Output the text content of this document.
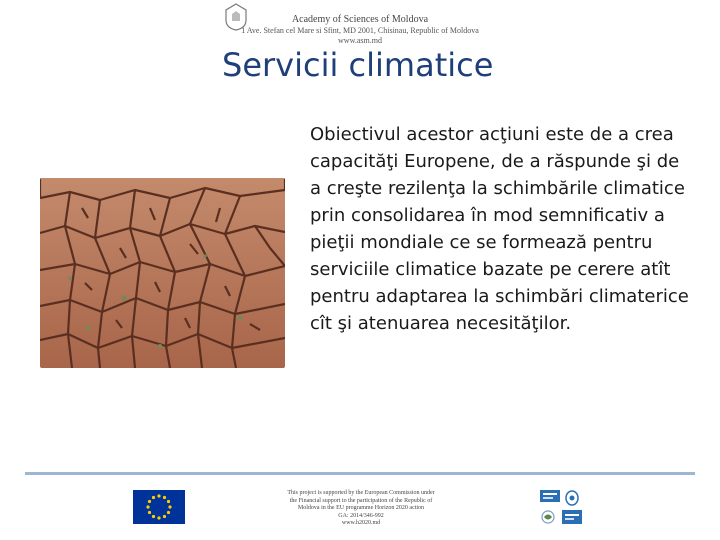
Academy of Sciences of Moldova
1 Ave. Stefan cel Mare si Sfint, MD 2001, Chisinau, Republic of Moldova
www.asm.md
Servicii climatice
Obiectivul acestor acţiuni este de a crea capacităţi Europene, de a răspunde şi de a creşte rezilenţa la schimbările climatice prin consolidarea în mod semnificativ a pieţii mondiale ce se formează pentru serviciile climatice bazate pe cerere atît pentru adaptarea la schimbări climaterice cît şi atenuarea necesităţilor.
This project is supported by the European Commission under
the Financial support to the participation of the Republic of
Moldova in the EU programme Horizon 2020 action
GA: 2014/346-992
www.h2020.md
